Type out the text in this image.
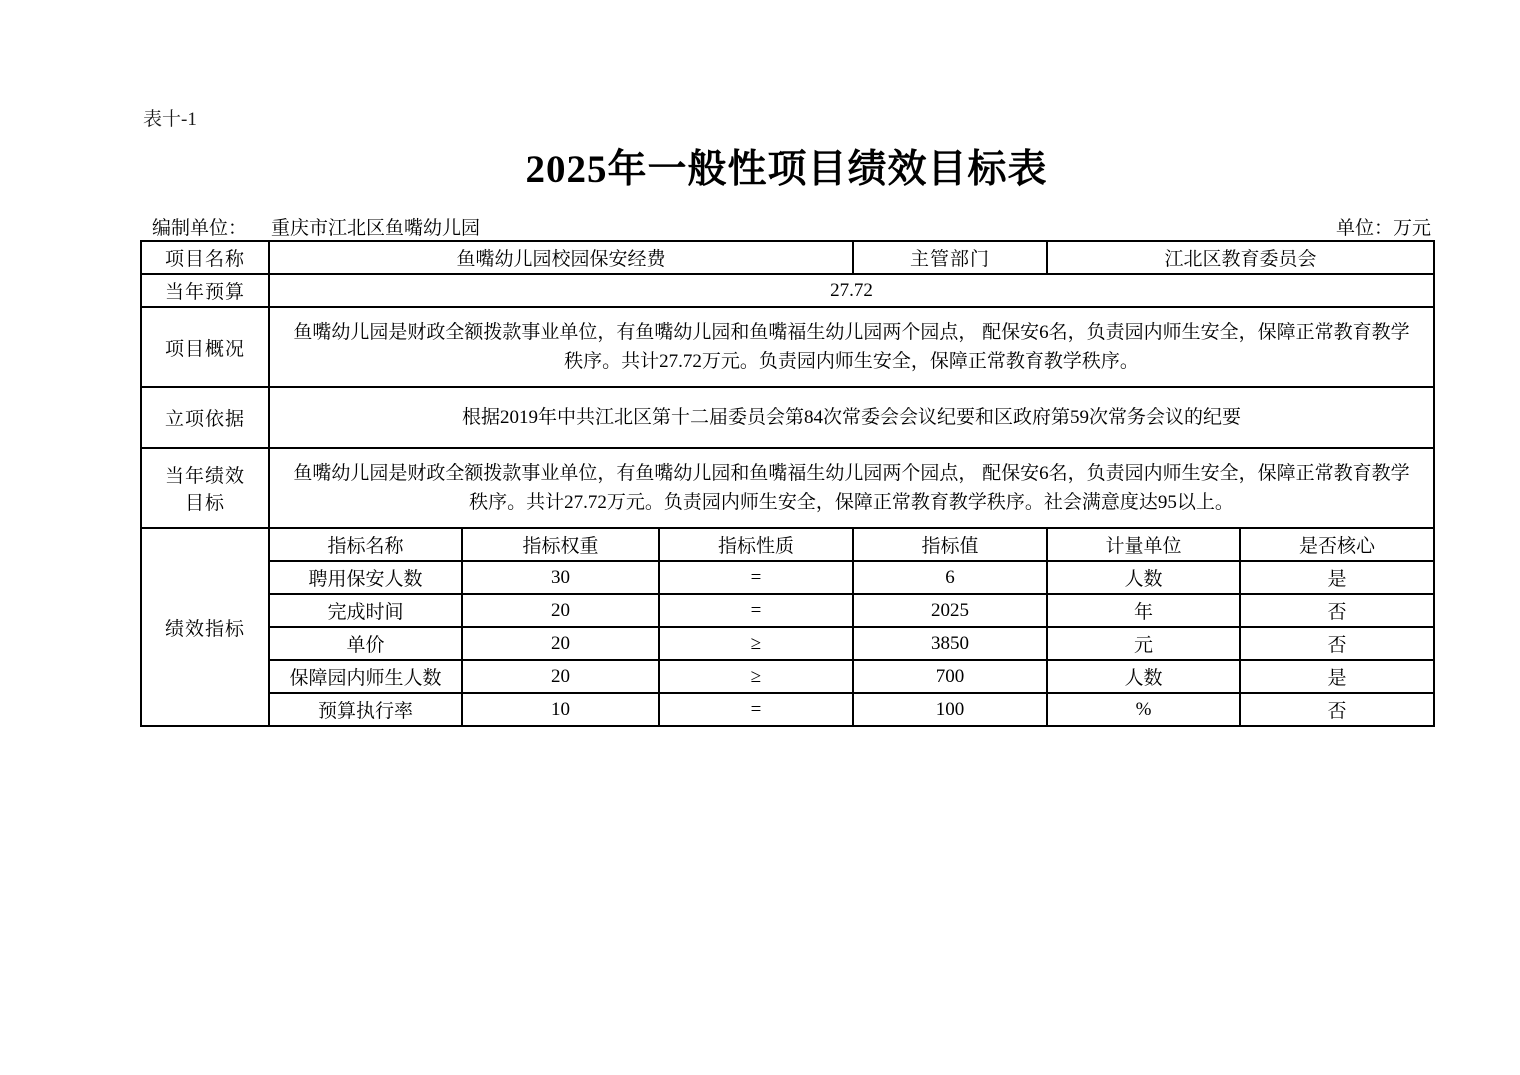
表十-1
2025年一般性项目绩效目标表
编制单位： 重庆市江北区鱼嘴幼儿园	单位：万元
项目名称	鱼嘴幼儿园校园保安经费			主管部门	江北区教育委员会	
当年预算	27.72					
项目概况	鱼嘴幼儿园是财政全额拨款事业单位，有鱼嘴幼儿园和鱼嘴福生幼儿园两个园点， 配保安6名，负责园内师生安全，保障正常教育教学秩序。共计27.72万元。负责园内师生安全，保障正常教育教学秩序。					
立项依据	根据2019年中共江北区第十二届委员会第84次常委会会议纪要和区政府第59次常务会议的纪要					
当年绩效目标	鱼嘴幼儿园是财政全额拨款事业单位，有鱼嘴幼儿园和鱼嘴福生幼儿园两个园点， 配保安6名，负责园内师生安全，保障正常教育教学秩序。共计27.72万元。负责园内师生安全，保障正常教育教学秩序。社会满意度达95以上。					
绩效指标	指标名称	指标权重	指标性质	指标值	计量单位	是否核心
	聘用保安人数	30	=	6	人数	是
	完成时间	20	=	2025	年	否
	单价	20	≥	3850	元	否
	保障园内师生人数	20	≥	700	人数	是
	预算执行率	10	=	100	%	否
